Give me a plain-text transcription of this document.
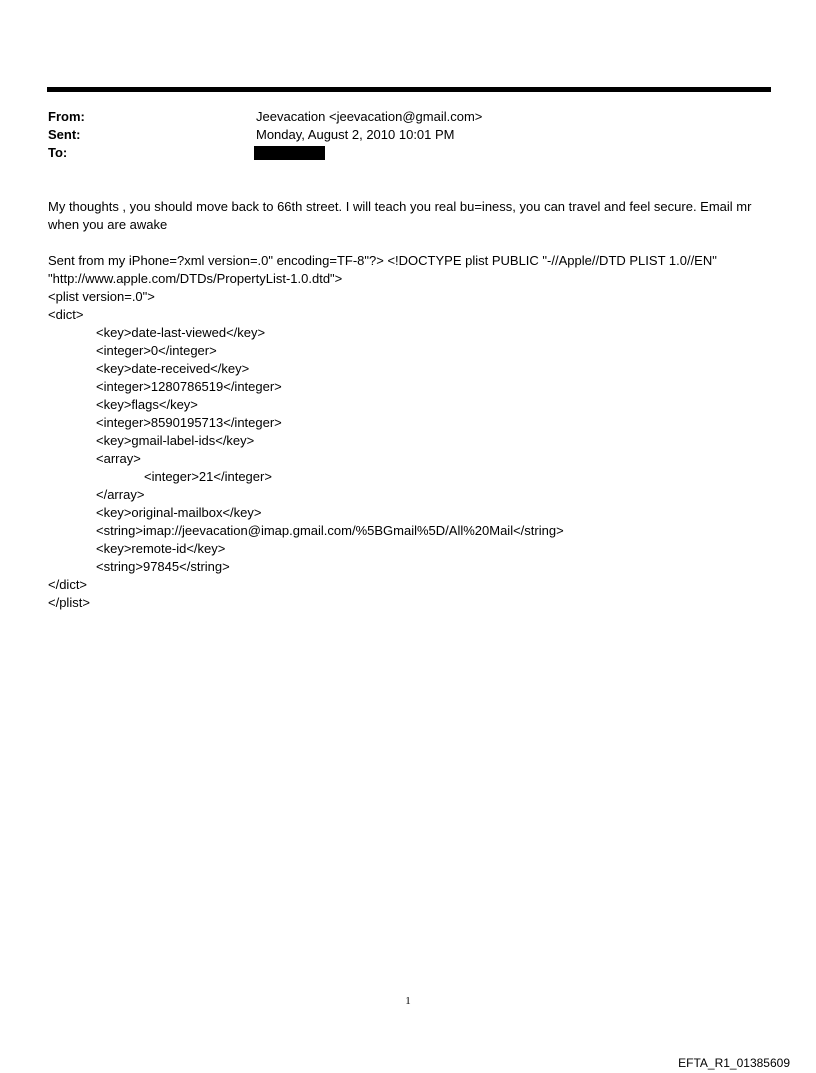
From:	Jeevacation <jeevacation@gmail.com>
Sent:	Monday, August 2, 2010 10:01 PM
To:
My thoughts , you should move back to 66th street. I will teach you real bu=iness, you can travel and feel secure. Email mr when you are awake
Sent from my iPhone=?xml version=.0" encoding=TF-8"?> <!DOCTYPE plist PUBLIC "-//Apple//DTD PLIST 1.0//EN"
"http://www.apple.com/DTDs/PropertyList-1.0.dtd">
<plist version=.0">
<dict>
<key>date-last-viewed</key>
<integer>0</integer>
<key>date-received</key>
<integer>1280786519</integer>
<key>flags</key>
<integer>8590195713</integer>
<key>gmail-label-ids</key>
<array>
<integer>21</integer>
</array>
<key>original-mailbox</key>
<string>imap://jeevacation@imap.gmail.com/%5BGmail%5D/All%20Mail</string>
<key>remote-id</key>
<string>97845</string>
</dict>
</plist>
1
EFTA_R1_01385609
